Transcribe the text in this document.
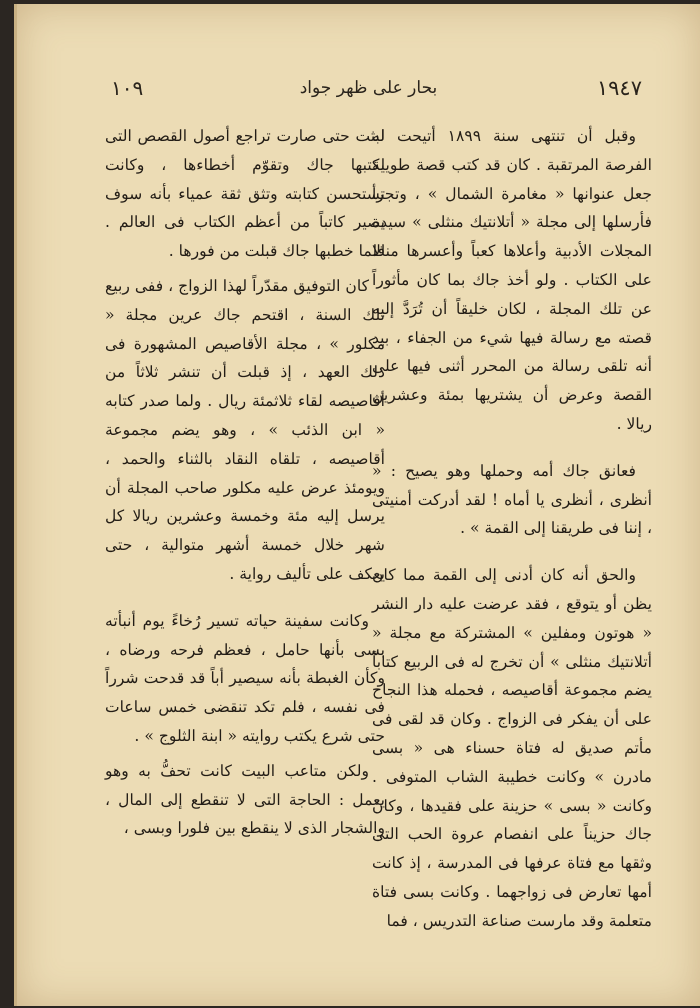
١٩٤٧
بحار على ظهر جواد
١٠٩

وقبل أن تنتهى سنة ١٨٩٩ أتيحت له الفرصة المرتقبة . كان قد كتب قصة طويلة جعل عنوانها « مغامرة الشمال » ، وتجرأ فأرسلها إلى مجلة « أتلانتيك منثلى » سيدة المجلات الأدبية وأعلاها كعباً وأعسرها منالا على الكتاب . ولو أخذ جاك بما كان مأثوراً عن تلك المجلة ، لكان خليقاً أن تُرَدَّ إليه قصته مع رسالة فيها شيء من الجفاء ، بيد أنه تلقى رسالة من المحرر أثنى فيها على القصة وعرض أن يشتريها بمئة وعشرين ريالا .

فعانق جاك أمه وحملها وهو يصيح : « أنظرى ، أنظرى يا أماه ! لقد أدركت أمنيتى ، إننا فى طريقنا إلى القمة » .

والحق أنه كان أدنى إلى القمة مما كان يظن أو يتوقع ، فقد عرضت عليه دار النشر « هوتون ومفلين » المشتركة مع مجلة « أتلانتيك منثلى » أن تخرج له فى الربيع كتاباً يضم مجموعة أقاصيصه ، فحمله هذا النجاح على أن يفكر فى الزواج . وكان قد لقى فى مأتم صديق له فتاة حسناء هى « بسى مادرن » وكانت خطيبة الشاب المتوفى . وكانت « بسى » حزينة على فقيدها ، وكان جاك حزيناً على انفصام عروة الحب التى وثقها مع فتاة عرفها فى المدرسة ، إذ كانت أمها تعارض فى زواجهما . وكانت بسى فتاة متعلمة وقد مارست صناعة التدريس ، فما

لبثت حتى صارت تراجع أصول القصص التى يكتبها جاك وتقوّم أخطاءها ، وكانت تستحسن كتابته وتثق ثقة عمياء بأنه سوف يصير كاتباً من أعظم الكتاب فى العالم . فلما خطبها جاك قبلت من فورها .

كان التوفيق مقدّراً لهذا الزواج ، ففى ربيع تلك السنة ، اقتحم جاك عرين مجلة « مكلور » ، مجلة الأقاصيص المشهورة فى ذلك العهد ، إذ قبلت أن تنشر ثلاثاً من أقاصيصه لقاء ثلاثمئة ريال . ولما صدر كتابه « ابن الذئب » ، وهو يضم مجموعة أقاصيصه ، تلقاه النقاد بالثناء والحمد ، ويومئذ عرض عليه مكلور صاحب المجلة أن يرسل إليه مئة وخمسة وعشرين ريالا كل شهر خلال خمسة أشهر متوالية ، حتى يعكف على تأليف رواية .

وكانت سفينة حياته تسير رُخاءً يوم أنبأته بسى بأنها حامل ، فعظم فرحه ورضاه ، وكأن الغبطة بأنه سيصير أباً قد قدحت شرراً فى نفسه ، فلم تكد تنقضى خمس ساعات حتى شرع يكتب روايته « ابنة الثلوج » .

ولكن متاعب البيت كانت تحفُّ به وهو يعمل : الحاجة التى لا تنقطع إلى المال ، والشجار الذى لا ينقطع بين فلورا وبسى ،
